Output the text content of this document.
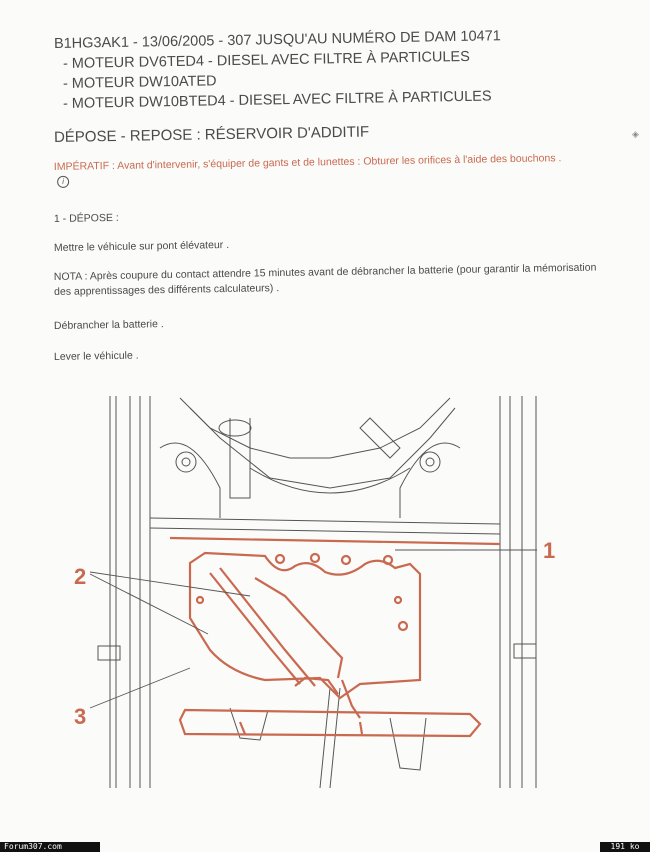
B1HG3AK1 - 13/06/2005 - 307 JUSQU'AU NUMÉRO DE DAM 10471
- MOTEUR DV6TED4 - DIESEL AVEC FILTRE À PARTICULES
- MOTEUR DW10ATED
- MOTEUR DW10BTED4 - DIESEL AVEC FILTRE À PARTICULES
DÉPOSE - REPOSE : RÉSERVOIR D'ADDITIF	◈
IMPÉRATIF : Avant d'intervenir, s'équiper de gants et de lunettes : Obturer les orifices à l'aide des bouchons . i
1 - DÉPOSE :
Mettre le véhicule sur pont élévateur .
NOTA : Après coupure du contact attendre 15 minutes avant de débrancher la batterie (pour garantir la mémorisation des apprentissages des différents calculateurs) .
Débrancher la batterie .
Lever le véhicule .
1
2
3
Forum307.com	191 ko
